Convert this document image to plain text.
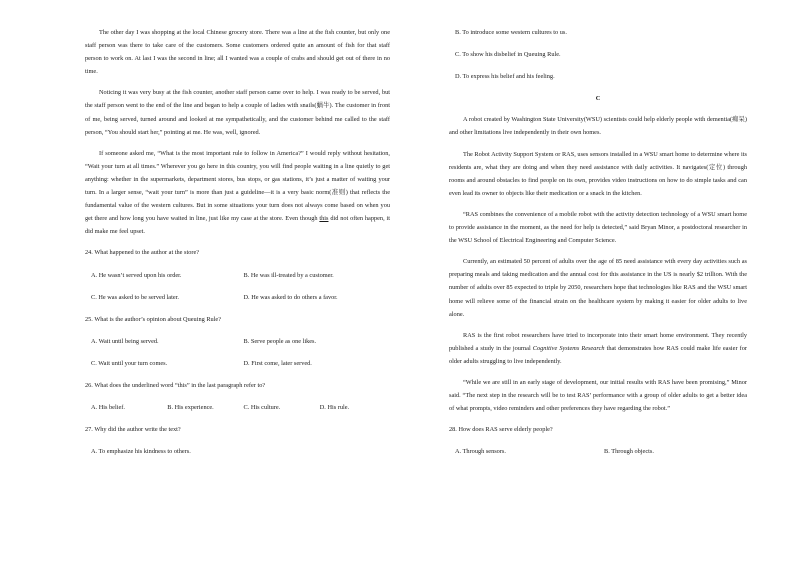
The other day I was shopping at the local Chinese grocery store. There was a line at the fish counter, but only one staff person was there to take care of the customers. Some customers ordered quite an amount of fish for that staff person to work on. At last I was the second in line; all I wanted was a couple of crabs and should get out of there in no time.

Noticing it was very busy at the fish counter, another staff person came over to help. I was ready to be served, but the staff person went to the end of the line and began to help a couple of ladies with snails(蜗牛). The customer in front of me, being served, turned around and looked at me sympathetically, and the customer behind me called to the staff person, “You should start her,” pointing at me. He was, well, ignored.

If someone asked me, “What is the most important rule to follow in America?” I would reply without hesitation, “Wait your turn at all times.” Wherever you go here in this country, you will find people waiting in a line quietly to get anything: whether in the supermarkets, department stores, bus stops, or gas stations, it’s just a matter of waiting your turn. In a larger sense, “wait your turn” is more than just a guideline—it is a very basic norm(准则) that reflects the fundamental value of the western cultures. But in some situations your turn does not always come based on when you get there and how long you have waited in line, just like my case at the store. Even though this did not often happen, it did make me feel upset.

24. What happened to the author at the store?
A. He wasn’t served upon his order.	B. He was ill-treated by a customer.
C. He was asked to be served later.	D. He was asked to do others a favor.
25. What is the author’s opinion about Queuing Rule?
A. Wait until being served.	B. Serve people as one likes.
C. Wait until your turn comes.	D. First come, later served.
26. What does the underlined word “this” in the last paragraph refer to?
A. His belief.	B. His experience.	C. His culture.	D. His rule.
27. Why did the author write the text?
A. To emphasize his kindness to others.
B. To introduce some western cultures to us.
C. To show his disbelief in Queuing Rule.
D. To express his belief and his feeling.
C

A robot created by Washington State University(WSU) scientists could help elderly people with dementia(痴呆) and other limitations live independently in their own homes.

The Robot Activity Support System or RAS, uses sensors installed in a WSU smart home to determine where its residents are, what they are doing and when they need assistance with daily activities. It navigates(定位) through rooms and around obstacles to find people on its own, provides video instructions on how to do simple tasks and can even lead its owner to objects like their medication or a snack in the kitchen.

“RAS combines the convenience of a mobile robot with the activity detection technology of a WSU smart home to provide assistance in the moment, as the need for help is detected,” said Bryan Minor, a postdoctoral researcher in the WSU School of Electrical Engineering and Computer Science.

Currently, an estimated 50 percent of adults over the age of 85 need assistance with every day activities such as preparing meals and taking medication and the annual cost for this assistance in the US is nearly $2 trillion. With the number of adults over 85 expected to triple by 2050, researchers hope that technologies like RAS and the WSU smart home will relieve some of the financial strain on the healthcare system by making it easier for older adults to live alone.

RAS is the first robot researchers have tried to incorporate into their smart home environment. They recently published a study in the journal Cognitive Systems Research that demonstrates how RAS could make life easier for older adults struggling to live independently.

“While we are still in an early stage of development, our initial results with RAS have been promising,” Minor said. “The next step in the research will be to test RAS’ performance with a group of older adults to get a better idea of what prompts, video reminders and other preferences they have regarding the robot.”

28. How does RAS serve elderly people?
A. Through sensors.	B. Through objects.
